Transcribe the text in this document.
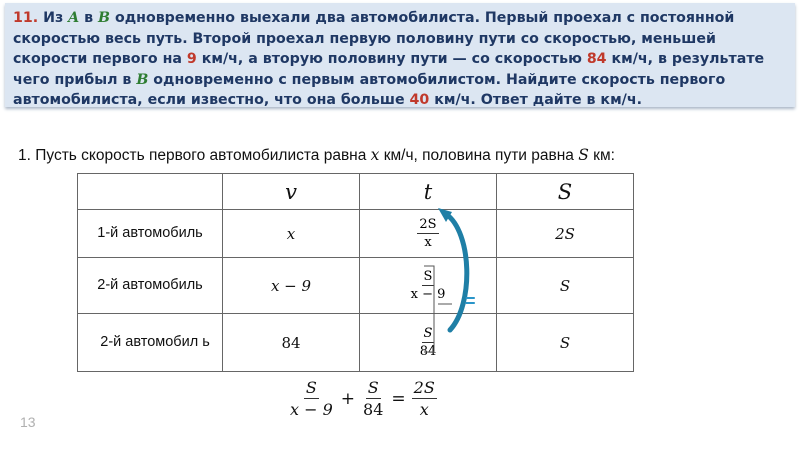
11. Из A в B одновременно выехали два автомобилиста. Первый проехал с постоянной скоростью весь путь. Второй проехал первую половину пути со скоростью, меньшей скорости первого на 9 км/ч, а вторую половину пути — со скоростью 84 км/ч, в результате чего прибыл в B одновременно с первым автомобилистом. Найдите скорость первого автомобилиста, если известно, что она больше 40 км/ч. Ответ дайте в км/ч.

1. Пусть скорость первого автомобилиста равна x км/ч, половина пути равна S км:
	v	t	S
1-й автомобиль	x	$\frac{2S}{x}$	2S
2-й автомобиль	x − 9	$\frac{S}{x - 9}$	S
2-й автомобил ь	84	$\frac{S}{84}$	S
=
$\frac{S}{x - 9} + \frac{S}{84} = \frac{2S}{x}$
13
